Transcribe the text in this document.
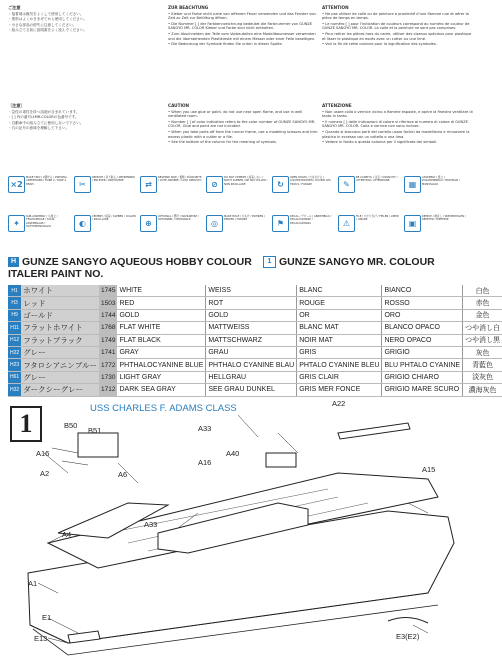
ご注意

・接着剤は換気をよくして使用してください。

・塗料はよくかきまぜてから使用してください。

・小さな部品の紛失に注意してください。

・組み立てる前に説明書をよく読んでください。

ZUR BEACHTUNG

• Kleber und Farbe nicht nahe von offenem Feuer verwenden und das Fenster von Zeit zu Zeit zur Belüftung öffnen.

• Die Nummer [ ] der Farbkennzeichnung bedeutet die Farbnummer von GUNZE SANGYO MR. COLOR Kleber und Farbe sind nicht enthalten.

• Zum Abschneiden der Teile vom Vorbauteilen eine Modellbaumesser verwenden und die überstehenden Plastikreste mit einem Messer oder einer Feile beseitigen.

• Die Bedeutung der Symbole finden Sie unten in dieser Spalte.

ATTENTION

• Ne pas utiliser de colle ou de peinture à proximité d'une flamme nue et aérer la pièce de temps en temps.

• Le numéro [ ] pour l'indication de couleurs correspond au numéro de couleur de GUNZE SANGYO MR. COLOR. La colle et la peinture ne sont pas comprises.

• Pour retirer les pièces hors du cadre, utiliser des ciseaux spéciaux pour plastique et lisser le plastique en excès avec un cutter ou une lime.

• Voir la fin de cette colonne pour la signification des symboles.

〔注意〕

・急性の毒性を持つ溶剤が含まれています。

・[ ] 内の番号はMR.COLORの色番号です。

・自動車中の組み立てに使用しないで下さい。

・右の記号の意味を理解して下さい。

CAUTION

• When you use glue or paint, do not use near open flame, and use in well ventilated room.

• Number [ ] of color indication refers to the color number of GUNZE SANGYO MR. COLOR. Glue and paint are not included.

• When you take parts off from the runner frame, use a modeling scissors and trim excess plastic with a cutter or a file.

• See the bottom of the column for the meaning of symbols.

ATTENZIONE

• Non usare colla o vernice vicino a fiamme esposte, e aprire la finestra ventilare di tanto in tanto.

• Il numero [ ] delle indicazioni di colore si riferisce al numero di colore di GUNZE SANGYO MR. COLOR. Colla e vernice non sono incluse.

• Quando si staccano parti del carrello usare forbici da modellismo e rimuovere la plastica in eccesso con un coltello o una lima.

• Vedere in fondo a questa colonna per il significato dei simboli.

×2
MAKE TWO / 2個作る / ZWEIMAL ANFERTIGEN / FAIRE 2 / FARE 2 PEZZI	✂
REMOVE / 切り取る / ABTRENNEN / ENLEVER / RIMUOVERE	⇄
REVERSE SIDE / 裏側 / RÜCKSEITE / CÔTÉ ARRIÈRE / LATO OPPOSTO	⊘
DO NOT CEMENT / 接着しない / NICHT KLEBEN / NE PAS COLLER / NON INCOLLARE	↻
OPEN HOLES / 穴をあける / LÖCHER BOHREN / OUVRIR LES TROUS / FORARE	✎
BE CAREFUL / 注意 / VORSICHT / ATTENTION / ATTENZIONE	▦
ASSEMBLY / 組立 / ZUSAMMENBAU / MONTAGE / MONTAGGIO
✦
SUB-ASSEMBLY / 小組立 / TEILMONTAGE / SOUS-ASSEMBLAGE / SOTTOMONTAGGIO	◐
CEMENT / 接着 / KLEBEN / COLLER / INCOLLARE	⊕
OPTIONAL / 選択 / WAHLWEISE / OPTIONNEL / OPZIONALE	◎
MAKE HOLE / 穴あけ / BOHREN / PERCER / FORARE	⚑
DECAL / デカール / ABZIEHBILD / DÉCALCOMANIE / DECALCOMANIA	⚠
FILE / やすりがけ / FEILEN / LIMER / LIMARE	▣
REPEAT / 繰返し / WIEDERHOLEN / RÉPÉTER / RIPETERE
H GUNZE SANGYO AQUEOUS HOBBY COLOUR	1 GUNZE SANGYO MR. COLOUR
ITALERI PAINT NO.
H1	ホワイト	1745	WHITE	WEISS	BLANC	BIANCO	白色
H3	レッド	1503	RED	ROT	ROUGE	ROSSO	赤色
H9	ゴールド	1744	GOLD	GOLD	OR	ORO	金色
H11	フラットホワイト	1768	FLAT WHITE	MATTWEISS	BLANC MAT	BLANCO OPACO	つや消し白
H12	フラットブラック	1749	FLAT BLACK	MATTSCHWARZ	NOIR MAT	NERO OPACO	つや消し黒
H22	グレー	1741	GRAY	GRAU	GRIS	GRIGIO	灰色
H23	フタロシアニンブルー	1772	PHTHALOCYANINE BLUE	PHTHALO CYANINE BLAU	PHTALO CYANINE BLEU	BLU PHTALO CYANINE	青藍色
H61	グレー	1730	LIGHT GRAY	HELLGRAU	GRIS CLAIR	GRIGIO CHIARO	淡灰色
H32	ダークシーグレー	1712	DARK SEA GRAY	SEE GRAU DUNKEL	GRIS MER FONCE	GRIGIO MARE SCURO	濃海灰色
1
USS CHARLES F. ADAMS CLASS	A22
B50
B51	A33
A16
A2	A6
A40
A16
A15
A33
A4
A1
E1
E13	E3(E2)
